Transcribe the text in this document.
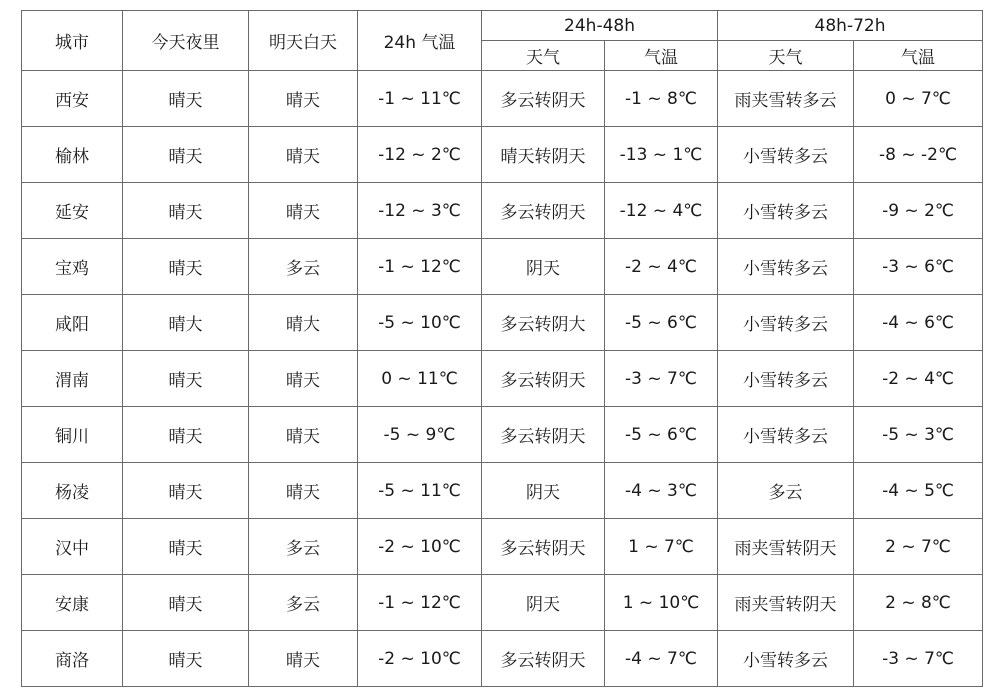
城市	今天夜里	明天白天	24h 气温	24h-48h		48h-72h	
				天气	气温	天气	气温
西安	晴天	晴天	-1 ~ 11℃	多云转阴天	-1 ~ 8℃	雨夹雪转多云	0 ~ 7℃
榆林	晴天	晴天	-12 ~ 2℃	晴天转阴天	-13 ~ 1℃	小雪转多云	-8 ~ -2℃
延安	晴天	晴天	-12 ~ 3℃	多云转阴天	-12 ~ 4℃	小雪转多云	-9 ~ 2℃
宝鸡	晴天	多云	-1 ~ 12℃	阴天	-2 ~ 4℃	小雪转多云	-3 ~ 6℃
咸阳	晴大	晴大	-5 ~ 10℃	多云转阴大	-5 ~ 6℃	小雪转多云	-4 ~ 6℃
渭南	晴天	晴天	0 ~ 11℃	多云转阴天	-3 ~ 7℃	小雪转多云	-2 ~ 4℃
铜川	晴天	晴天	-5 ~ 9℃	多云转阴天	-5 ~ 6℃	小雪转多云	-5 ~ 3℃
杨凌	晴天	晴天	-5 ~ 11℃	阴天	-4 ~ 3℃	多云	-4 ~ 5℃
汉中	晴天	多云	-2 ~ 10℃	多云转阴天	1 ~ 7℃	雨夹雪转阴天	2 ~ 7℃
安康	晴天	多云	-1 ~ 12℃	阴天	1 ~ 10℃	雨夹雪转阴天	2 ~ 8℃
商洛	晴天	晴天	-2 ~ 10℃	多云转阴天	-4 ~ 7℃	小雪转多云	-3 ~ 7℃
